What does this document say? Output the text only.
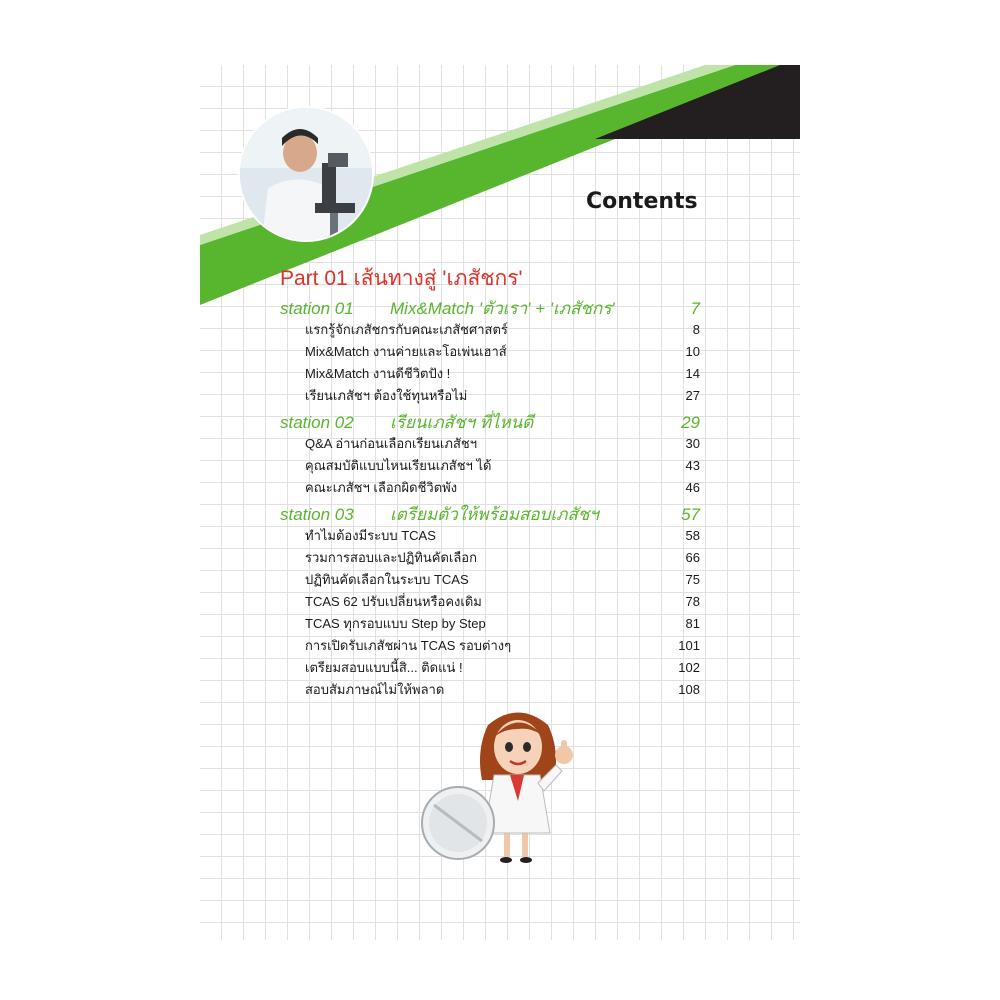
Contents
Part 01 เส้นทางสู่ 'เภสัชกร'
station 01	Mix&Match 'ตัวเรา' + 'เภสัชกร'	7
แรกรู้จักเภสัชกรกับคณะเภสัชศาสตร์	8
Mix&Match งานค่ายและโอเพ่นเฮาส์	10
Mix&Match งานดีชีวิตปัง !	14
เรียนเภสัชฯ ต้องใช้ทุนหรือไม่	27
station 02	เรียนเภสัชฯ ที่ไหนดี	29
Q&A อ่านก่อนเลือกเรียนเภสัชฯ	30
คุณสมบัติแบบไหนเรียนเภสัชฯ ได้	43
คณะเภสัชฯ เลือกผิดชีวิตพัง	46
station 03	เตรียมตัวให้พร้อมสอบเภสัชฯ	57
ทำไมต้องมีระบบ TCAS	58
รวมการสอบและปฏิทินคัดเลือก	66
ปฏิทินคัดเลือกในระบบ TCAS	75
TCAS 62 ปรับเปลี่ยนหรือคงเดิม	78
TCAS ทุกรอบแบบ Step by Step	81
การเปิดรับเภสัชผ่าน TCAS รอบต่างๆ	101
เตรียมสอบแบบนี้สิ... ติดแน่ !	102
สอบสัมภาษณ์ไม่ให้พลาด	108
